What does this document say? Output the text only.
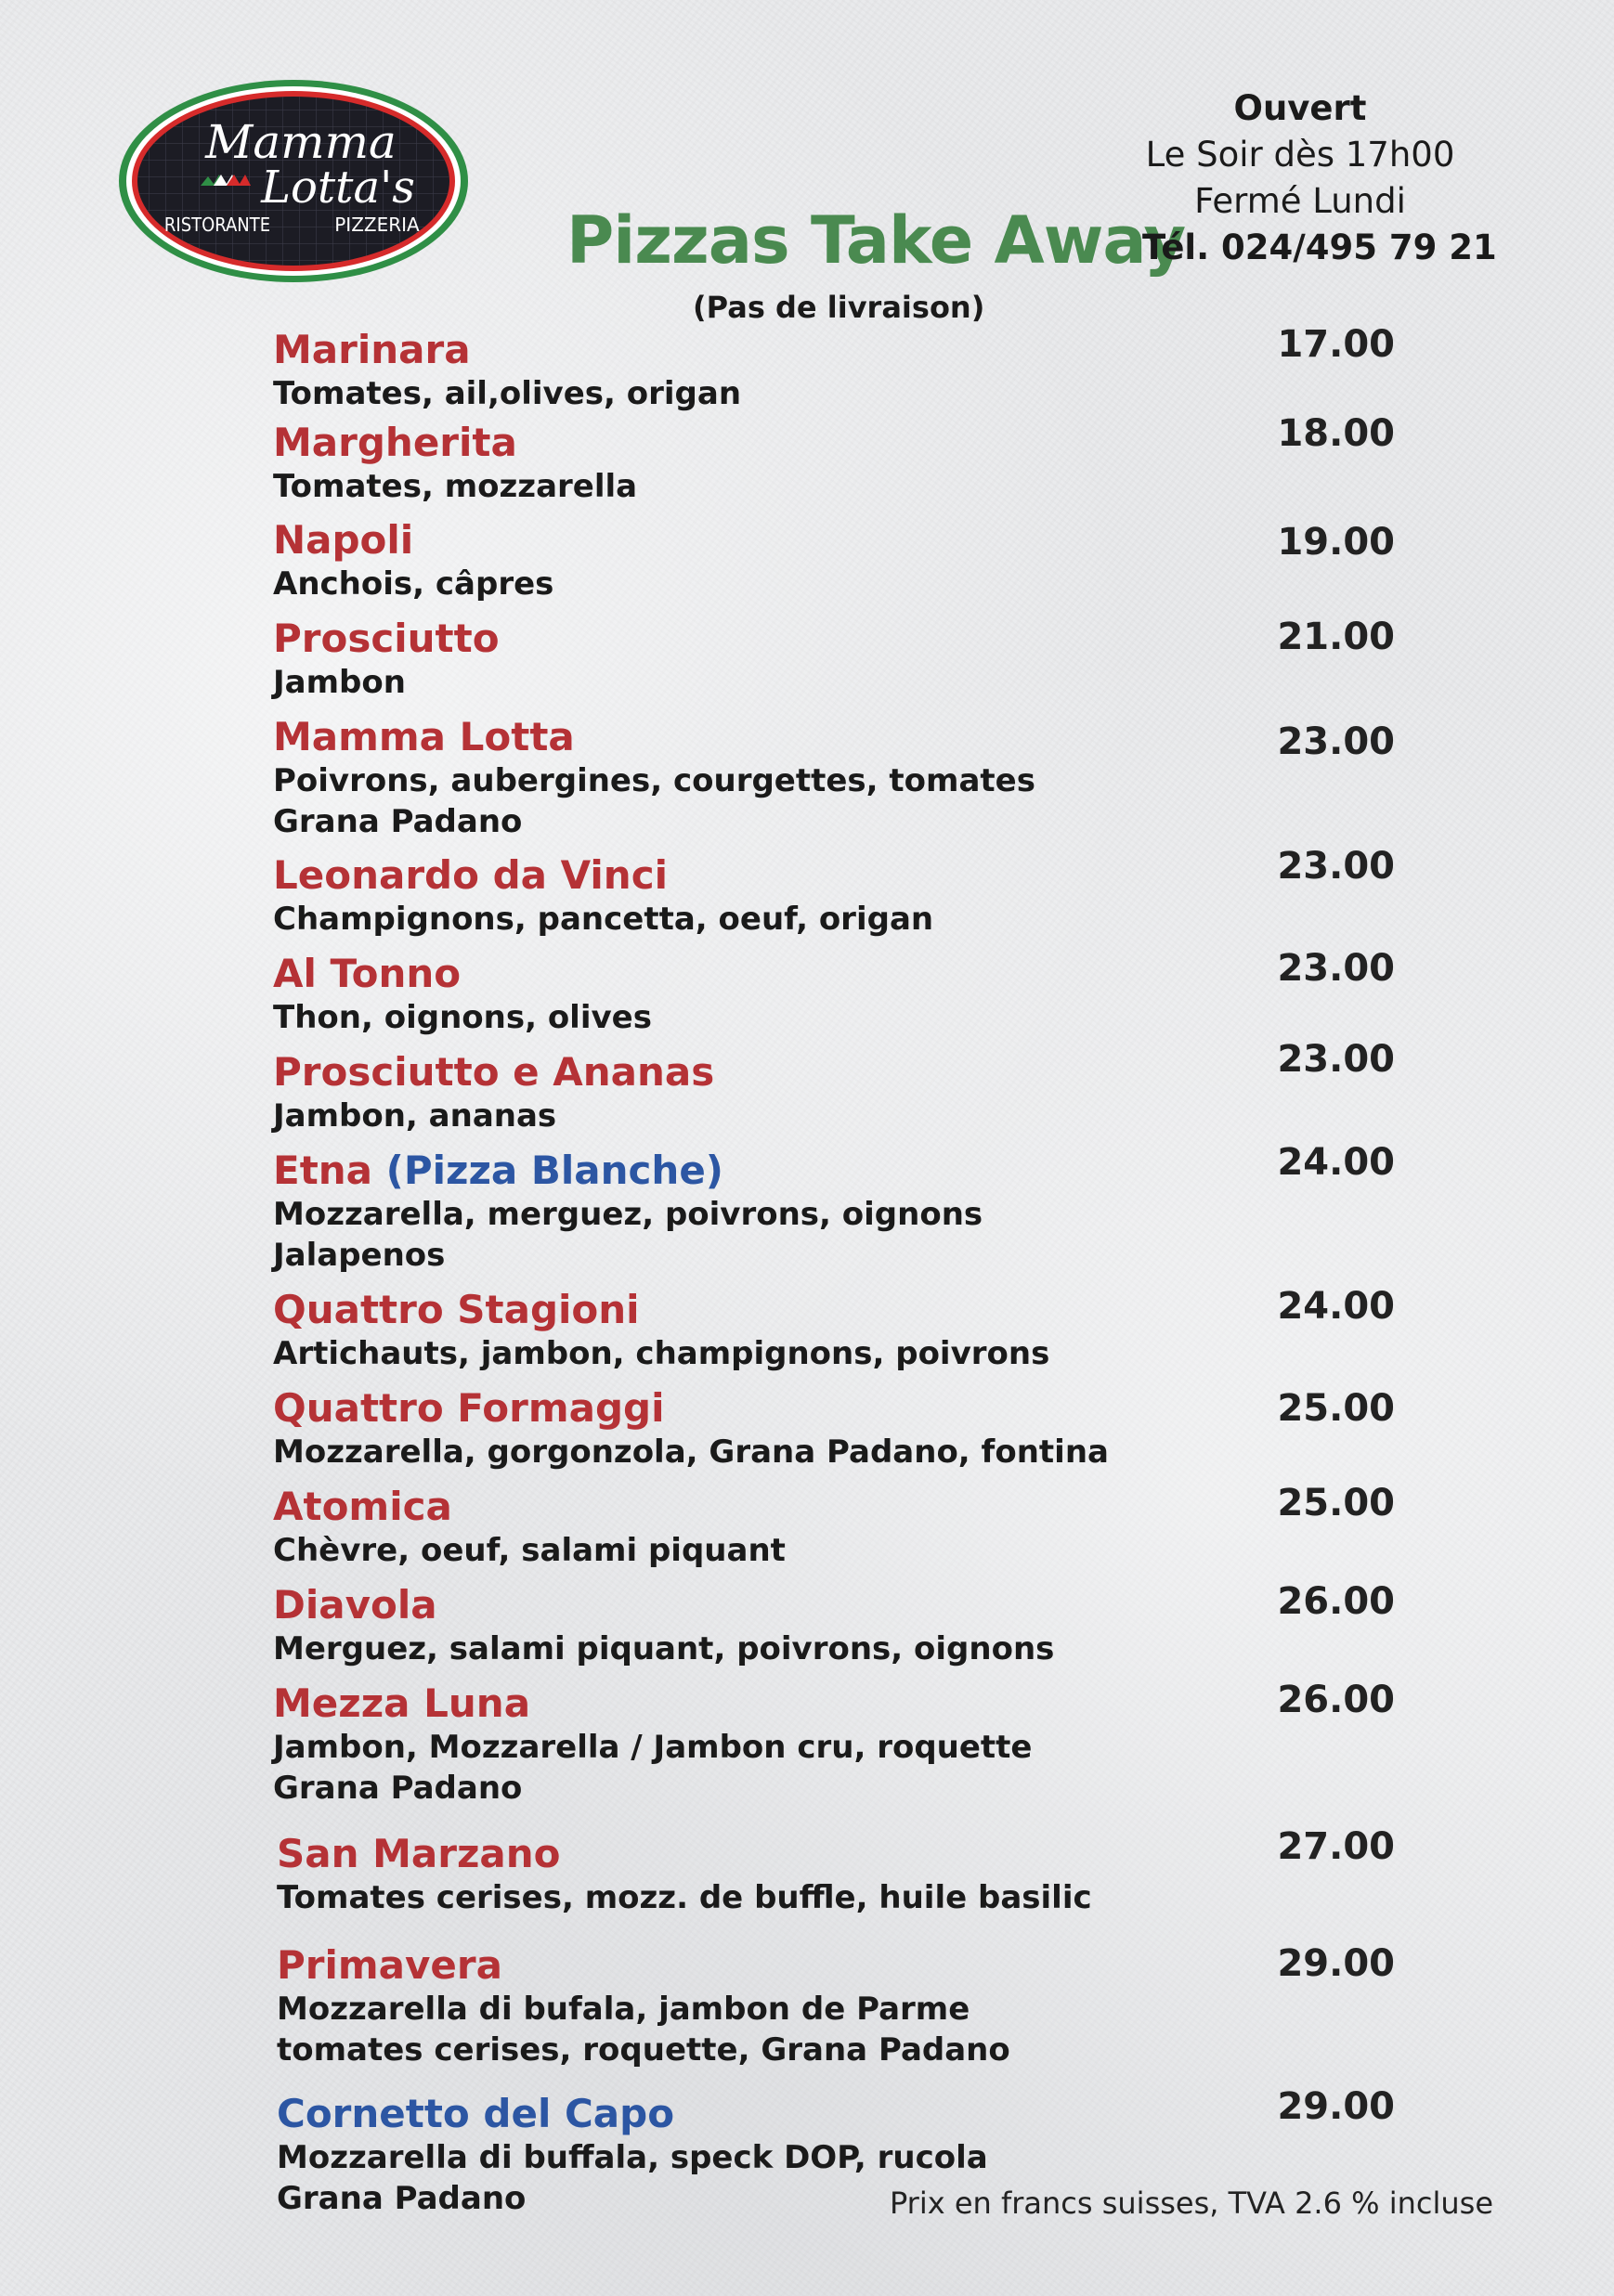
Mamma
Lotta's
RISTORANTE	PIZZERIA Pizzas Take Away
(Pas de livraison)
Ouvert
Le Soir dès 17h00
Fermé Lundi
Tél. 024/495 79 21
Marinara
Tomates, ail,olives, origan
17.00
Margherita
Tomates, mozzarella
18.00
Napoli
Anchois, câpres
19.00
Prosciutto
Jambon
21.00
Mamma Lotta
Poivrons, aubergines, courgettes, tomates
Grana Padano
23.00
Leonardo da Vinci
Champignons, pancetta, oeuf, origan
23.00
Al Tonno
Thon, oignons, olives
23.00
Prosciutto e Ananas
Jambon, ananas
23.00
Etna (Pizza Blanche)
Mozzarella, merguez, poivrons, oignons
Jalapenos
24.00
Quattro Stagioni
Artichauts, jambon, champignons, poivrons
24.00
Quattro Formaggi
Mozzarella, gorgonzola, Grana Padano, fontina
25.00
Atomica
Chèvre, oeuf, salami piquant
25.00
Diavola
Merguez, salami piquant, poivrons, oignons
26.00
Mezza Luna
Jambon, Mozzarella / Jambon cru, roquette
Grana Padano
26.00
San Marzano
Tomates cerises, mozz. de buffle, huile basilic
27.00
Primavera
Mozzarella di bufala, jambon de Parme
tomates cerises, roquette, Grana Padano
29.00
Cornetto del Capo
Mozzarella di buffala, speck DOP, rucola
Grana Padano
29.00
Prix en francs suisses, TVA 2.6 % incluse
